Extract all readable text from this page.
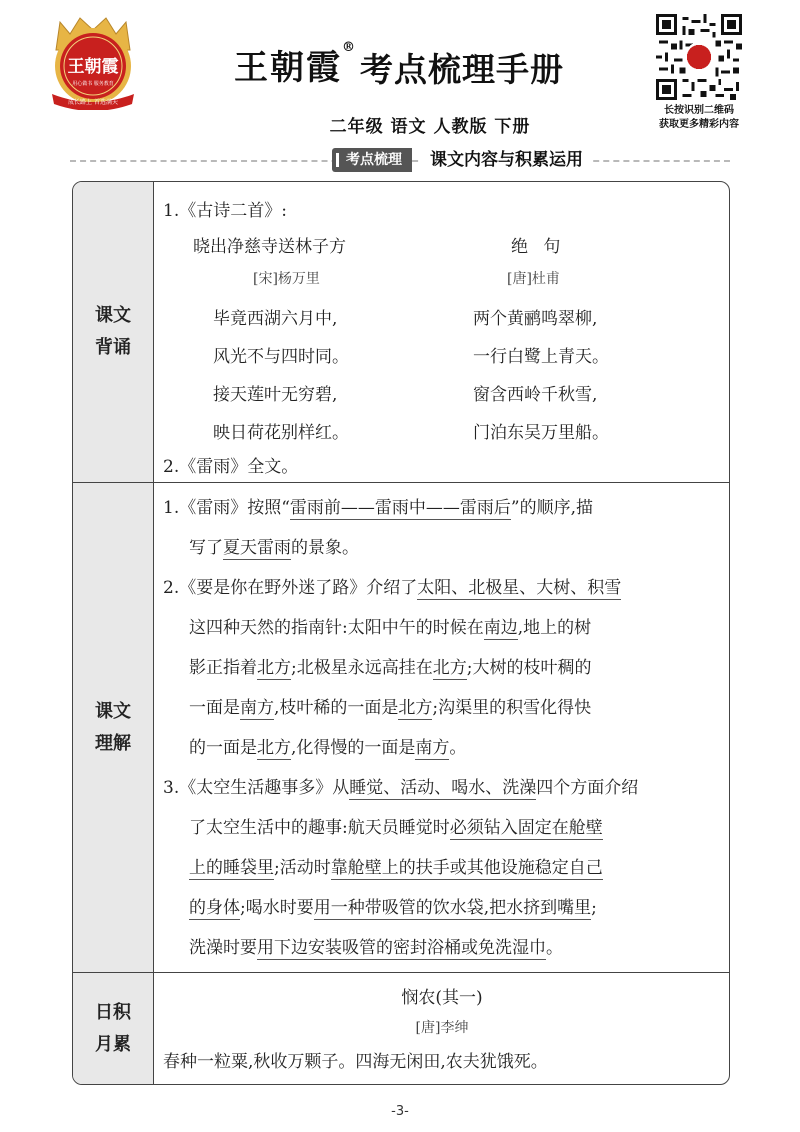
王朝霞
用心做书 服务教育
成长路上 首选满天
王朝霞®
考点梳理手册
二年级 语文 人教版 下册
长按识别二维码
获取更多精彩内容
考点梳理	课文内容与积累运用
课文
背诵
1.《古诗二首》:
晓出净慈寺送林子方
[宋]杨万里
毕竟西湖六月中,
风光不与四时同。
接天莲叶无穷碧,
映日荷花别样红。
绝 句
[唐]杜甫
两个黄鹂鸣翠柳,
一行白鹭上青天。
窗含西岭千秋雪,
门泊东吴万里船。
2.《雷雨》全文。
课文
理解
1.《雷雨》按照“雷雨前——雷雨中——雷雨后”的顺序,描
写了夏天雷雨的景象。
2.《要是你在野外迷了路》介绍了太阳、北极星、大树、积雪
这四种天然的指南针:太阳中午的时候在南边,地上的树
影正指着北方;北极星永远高挂在北方;大树的枝叶稠的
一面是南方,枝叶稀的一面是北方;沟渠里的积雪化得快
的一面是北方,化得慢的一面是南方。
3.《太空生活趣事多》从睡觉、活动、喝水、洗澡四个方面介绍
了太空生活中的趣事:航天员睡觉时必须钻入固定在舱壁
上的睡袋里;活动时靠舱壁上的扶手或其他设施稳定自己
的身体;喝水时要用一种带吸管的饮水袋,把水挤到嘴里;
洗澡时要用下边安装吸管的密封浴桶或免洗湿巾。
日积
月累
悯农(其一)
[唐]李绅
春种一粒粟,秋收万颗子。四海无闲田,农夫犹饿死。
-3-
